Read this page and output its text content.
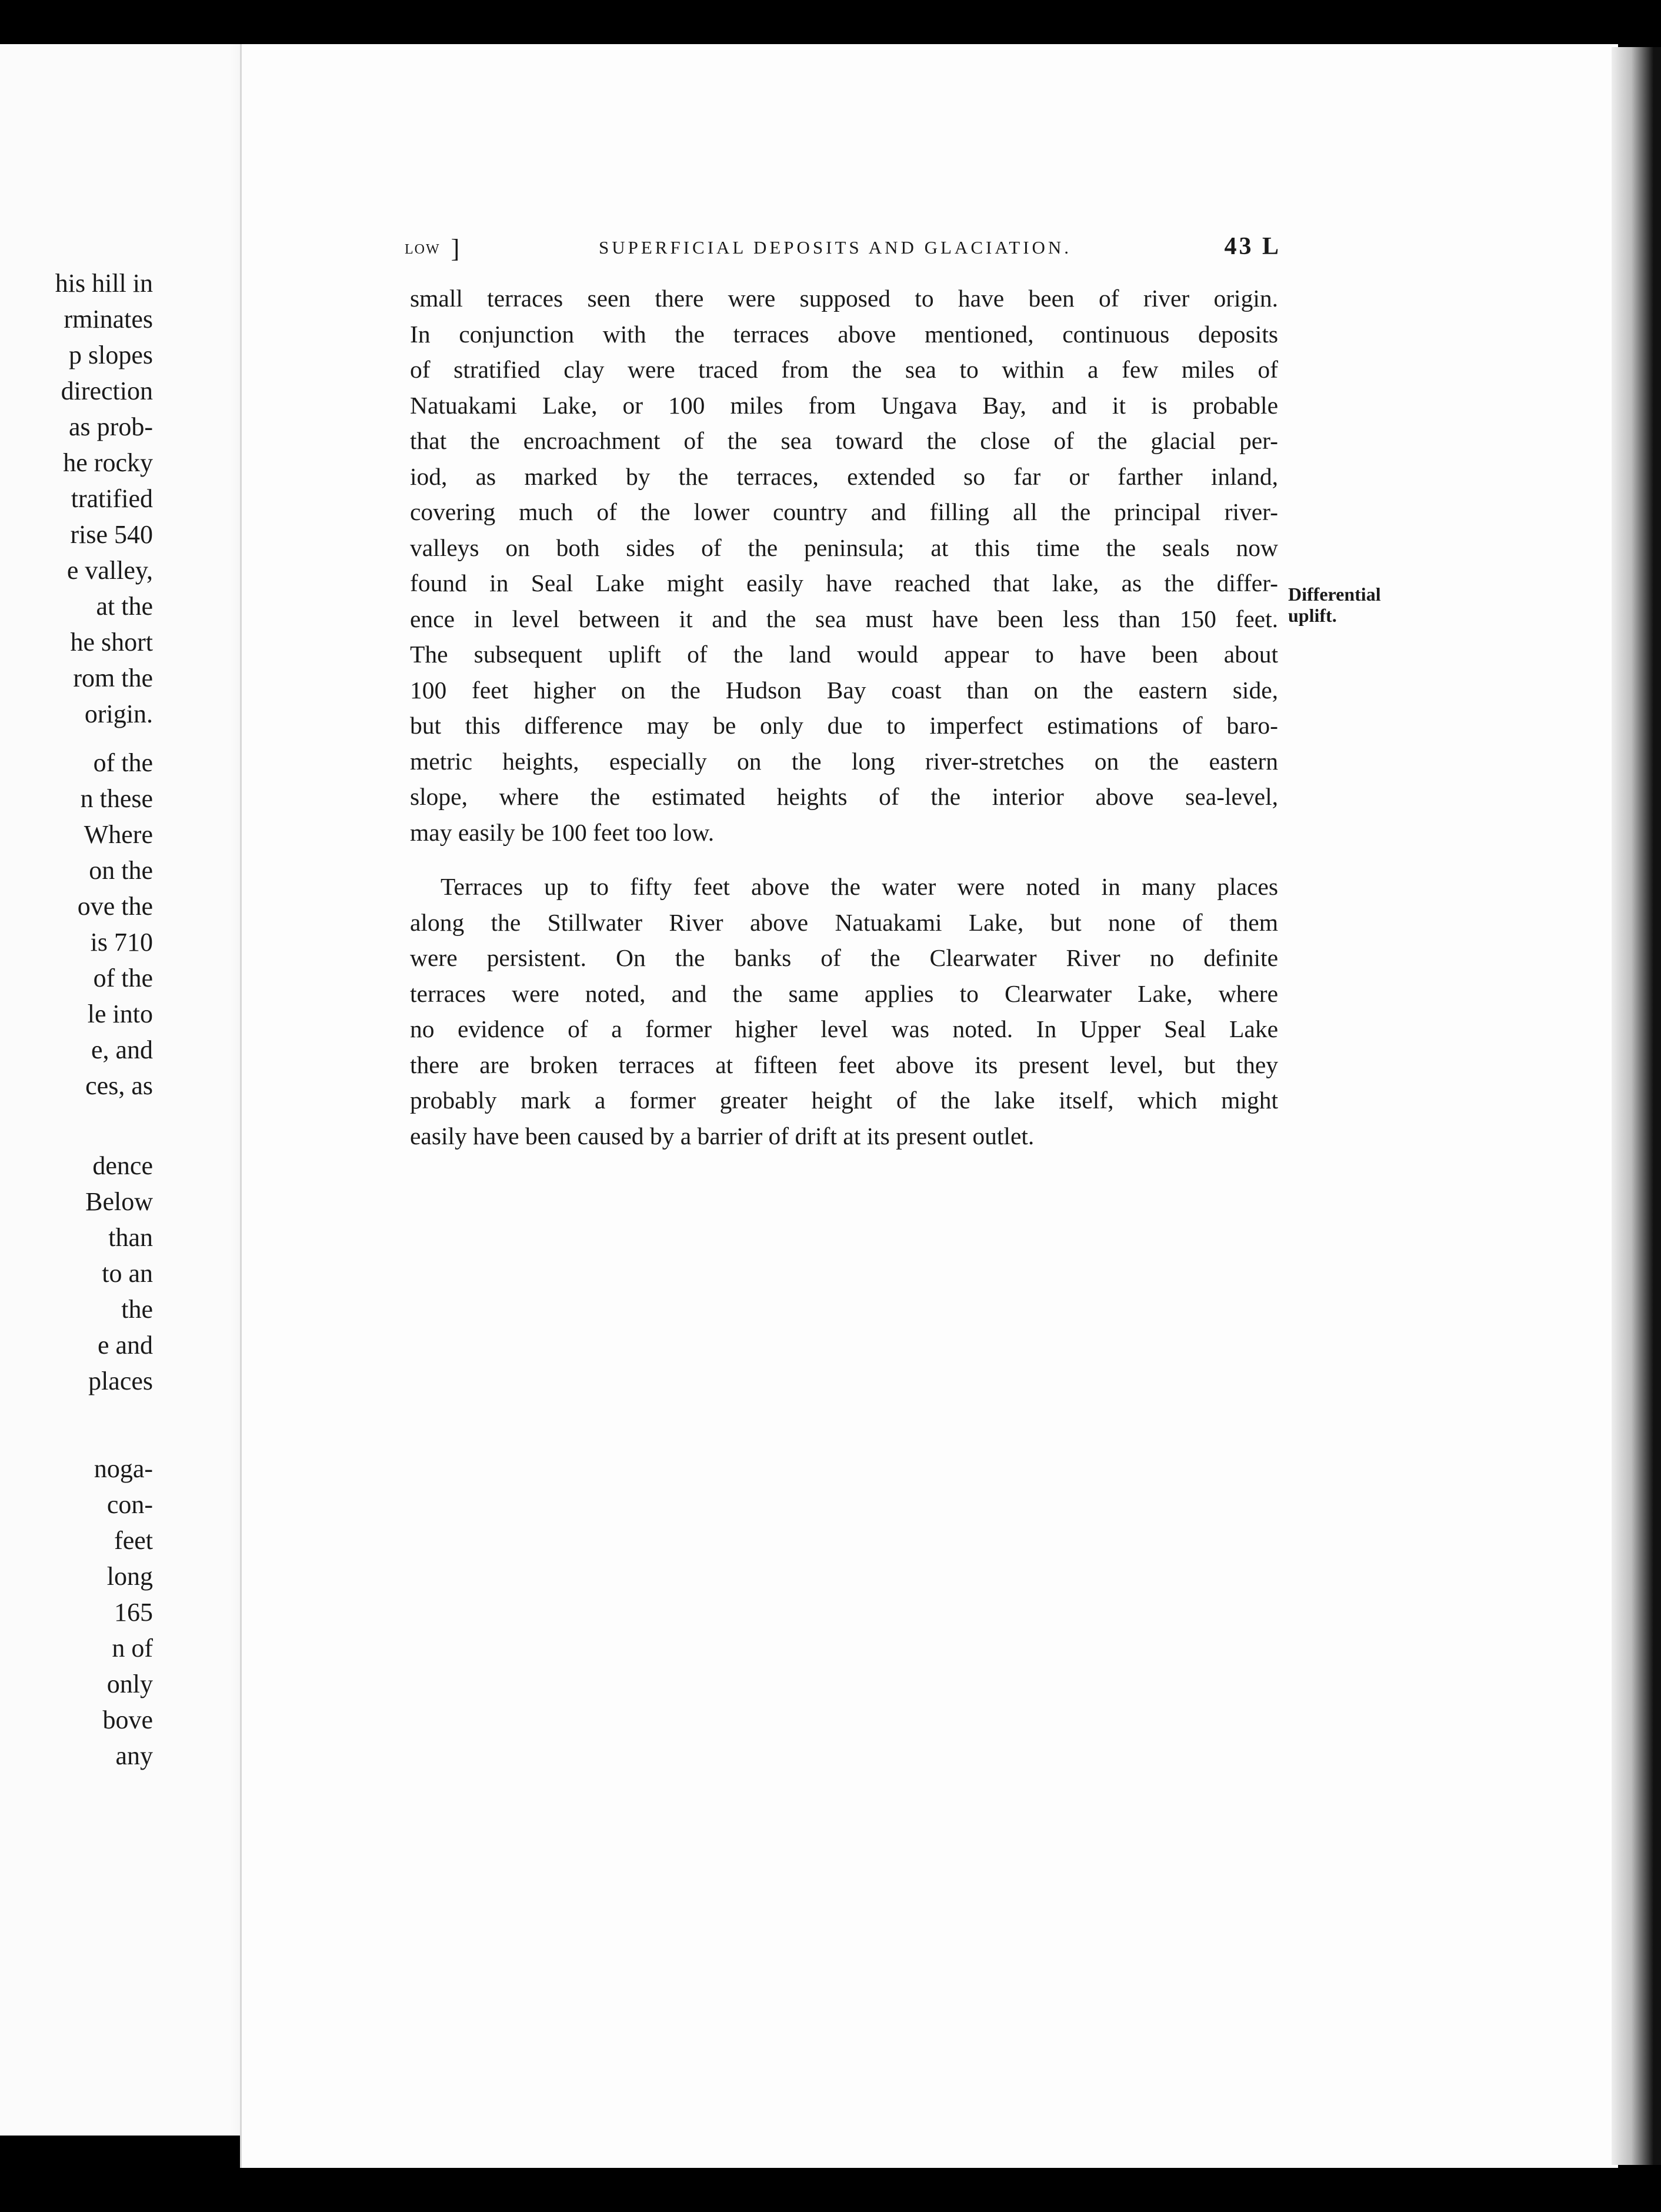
his hill in
rminates
p slopes
direction
as prob-
he rocky
tratified
rise 540
e valley,
at the
he short
rom the
origin.
of the
n these
Where
on the
ove the
is 710
of the
le into
e, and
ces, as
dence
Below
than
to an
the
e and
places
noga-
con-
feet
long
165
n of
only
bove
any
LOW ]	SUPERFICIAL DEPOSITS AND GLACIATION.	43 L
small terraces seen there were supposed to have been of river origin.
In conjunction with the terraces above mentioned, continuous deposits
of stratified clay were traced from the sea to within a few miles of
Natuakami Lake, or 100 miles from Ungava Bay, and it is probable
that the encroachment of the sea toward the close of the glacial per-
iod, as marked by the terraces, extended so far or farther inland,
covering much of the lower country and filling all the principal river-
valleys on both sides of the peninsula; at this time the seals now
found in Seal Lake might easily have reached that lake, as the differ-
ence in level between it and the sea must have been less than 150 feet.
The subsequent uplift of the land would appear to have been about
100 feet higher on the Hudson Bay coast than on the eastern side,
but this difference may be only due to imperfect estimations of baro-
metric heights, especially on the long river-stretches on the eastern
slope, where the estimated heights of the interior above sea-level,
may easily be 100 feet too low.
Terraces up to fifty feet above the water were noted in many places
along the Stillwater River above Natuakami Lake, but none of them
were persistent. On the banks of the Clearwater River no definite
terraces were noted, and the same applies to Clearwater Lake, where
no evidence of a former higher level was noted. In Upper Seal Lake
there are broken terraces at fifteen feet above its present level, but they
probably mark a former greater height of the lake itself, which might
easily have been caused by a barrier of drift at its present outlet.
Differential
uplift.
